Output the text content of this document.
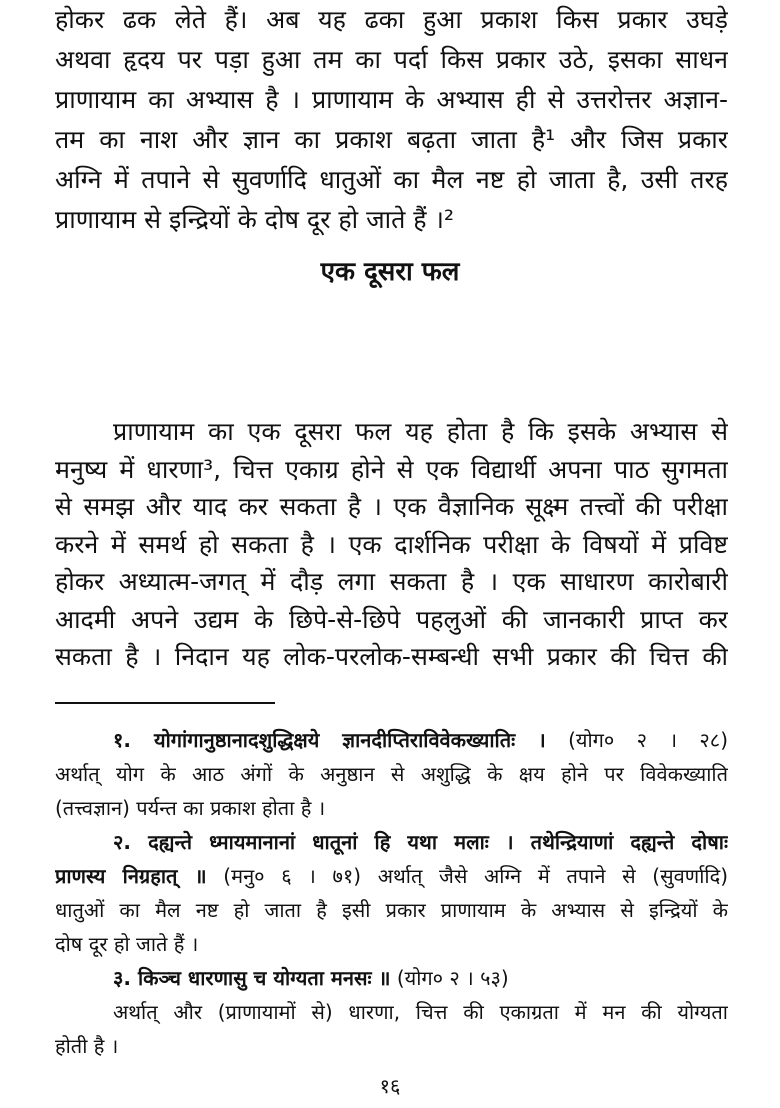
होकर ढक लेते हैं। अब यह ढका हुआ प्रकाश किस प्रकार उघड़े
अथवा हृदय पर पड़ा हुआ तम का पर्दा किस प्रकार उठे, इसका साधन
प्राणायाम का अभ्यास है । प्राणायाम के अभ्यास ही से उत्तरोत्तर अज्ञान-
तम का नाश और ज्ञान का प्रकाश बढ़ता जाता है¹ और जिस प्रकार
अग्नि में तपाने से सुवर्णादि धातुओं का मैल नष्ट हो जाता है, उसी तरह
प्राणायाम से इन्द्रियों के दोष दूर हो जाते हैं ।²
एक दूसरा फल
प्राणायाम का एक दूसरा फल यह होता है कि इसके अभ्यास से
मनुष्य में धारणा³, चित्त एकाग्र होने से एक विद्यार्थी अपना पाठ सुगमता
से समझ और याद कर सकता है । एक वैज्ञानिक सूक्ष्म तत्त्वों की परीक्षा
करने में समर्थ हो सकता है । एक दार्शनिक परीक्षा के विषयों में प्रविष्ट
होकर अध्यात्म-जगत् में दौड़ लगा सकता है । एक साधारण कारोबारी
आदमी अपने उद्यम के छिपे-से-छिपे पहलुओं की जानकारी प्राप्त कर
सकता है । निदान यह लोक-परलोक-सम्बन्धी सभी प्रकार की चित्त की
१. योगांगानुष्ठानादशुद्धिक्षये ज्ञानदीप्तिराविवेकख्यातिः । (योग० २ । २८)
अर्थात् योग के आठ अंगों के अनुष्ठान से अशुद्धि के क्षय होने पर विवेकख्याति
(तत्त्वज्ञान) पर्यन्त का प्रकाश होता है ।
२. दह्यन्ते ध्मायमानानां धातूनां हि यथा मलाः । तथेन्द्रियाणां दह्यन्ते दोषाः
प्राणस्य निग्रहात् ॥ (मनु० ६ । ७१) अर्थात् जैसे अग्नि में तपाने से (सुवर्णादि)
धातुओं का मैल नष्ट हो जाता है इसी प्रकार प्राणायाम के अभ्यास से इन्द्रियों के
दोष दूर हो जाते हैं ।
३. किञ्च धारणासु च योग्यता मनसः ॥ (योग० २ । ५३)
अर्थात् और (प्राणायामों से) धारणा, चित्त की एकाग्रता में मन की योग्यता
होती है ।
१६
